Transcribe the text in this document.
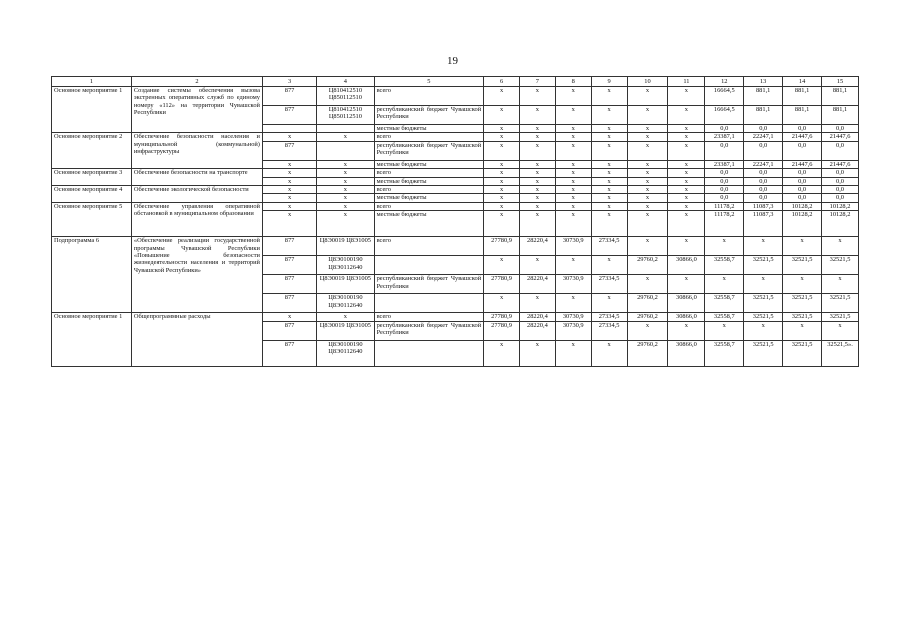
19
1	2	3	4	5	6	7	8	9	10	11	12	13	14	15
Основное мероприятие 1	Создание системы обеспечения вызова экстренных оперативных служб по единому номеру «112» на территории Чувашской Республики	877	Ц810412510 Ц850112510	всего	x	x	x	x	x	x	16664,5	881,1	881,1	881,1
		877	Ц810412510 Ц850112510	республиканский бюджет Чувашской Республики	x	x	x	x	x	x	16664,5	881,1	881,1	881,1
				местные бюджеты	x	x	x	x	x	x	0,0	0,0	0,0	0,0
Основное мероприятие 2	Обеспечение безопасности населения и муниципальной (коммунальной) инфраструктуры	x	x	всего	x	x	x	x	x	x	23387,1	22247,1	21447,6	21447,6
		877		республиканский бюджет Чувашской Республики	x	x	x	x	x	x	0,0	0,0	0,0	0,0
		x	x	местные бюджеты	x	x	x	x	x	x	23387,1	22247,1	21447,6	21447,6
Основное мероприятие 3	Обеспечение безопасности на транспорте	x	x	всего	x	x	x	x	x	x	0,0	0,0	0,0	0,0
		x	x	местные бюджеты	x	x	x	x	x	x	0,0	0,0	0,0	0,0
Основное мероприятие 4	Обеспечение экологической безопасности	x	x	всего	x	x	x	x	x	x	0,0	0,0	0,0	0,0
		x	x	местные бюджеты	x	x	x	x	x	x	0,0	0,0	0,0	0,0
Основное мероприятие 5	Обеспечение управления оперативной обстановкой в муниципальном образовании	x	x	всего	x	x	x	x	x	x	11178,2	11087,3	10128,2	10128,2
		x	x	местные бюджеты	x	x	x	x	x	x	11178,2	11087,3	10128,2	10128,2
Подпрограмма 6	«Обеспечение реализации государственной программы Чувашской Республики «Повышение безопасности жизнедеятельности населения и территорий Чувашской Республики»	877	Ц8Э0019 Ц8Э1005	всего	27780,9	28220,4	30730,9	27334,5	x	x	x	x	x	x
		877	Ц8Э0100190 Ц8Э0112640		x	x	x	x	29760,2	30866,0	32558,7	32521,5	32521,5	32521,5
		877	Ц8Э0019 Ц8Э1005	республиканский бюджет Чувашской Республики	27780,9	28220,4	30730,9	27334,5	x	x	x	x	x	x
		877	Ц8Э0100190 Ц8Э0112640		x	x	x	x	29760,2	30866,0	32558,7	32521,5	32521,5	32521,5
Основное мероприятие 1	Общепрограммные расходы	x	x	всего	27780,9	28220,4	30730,9	27334,5	29760,2	30866,0	32558,7	32521,5	32521,5	32521,5
		877	Ц8Э0019 Ц8Э1005	республиканский бюджет Чувашской Республики	27780,9	28220,4	30730,9	27334,5	x	x	x	x	x	x
		877	Ц8Э0100190 Ц8Э0112640		x	x	x	x	29760,2	30866,0	32558,7	32521,5	32521,5	32521,5».
